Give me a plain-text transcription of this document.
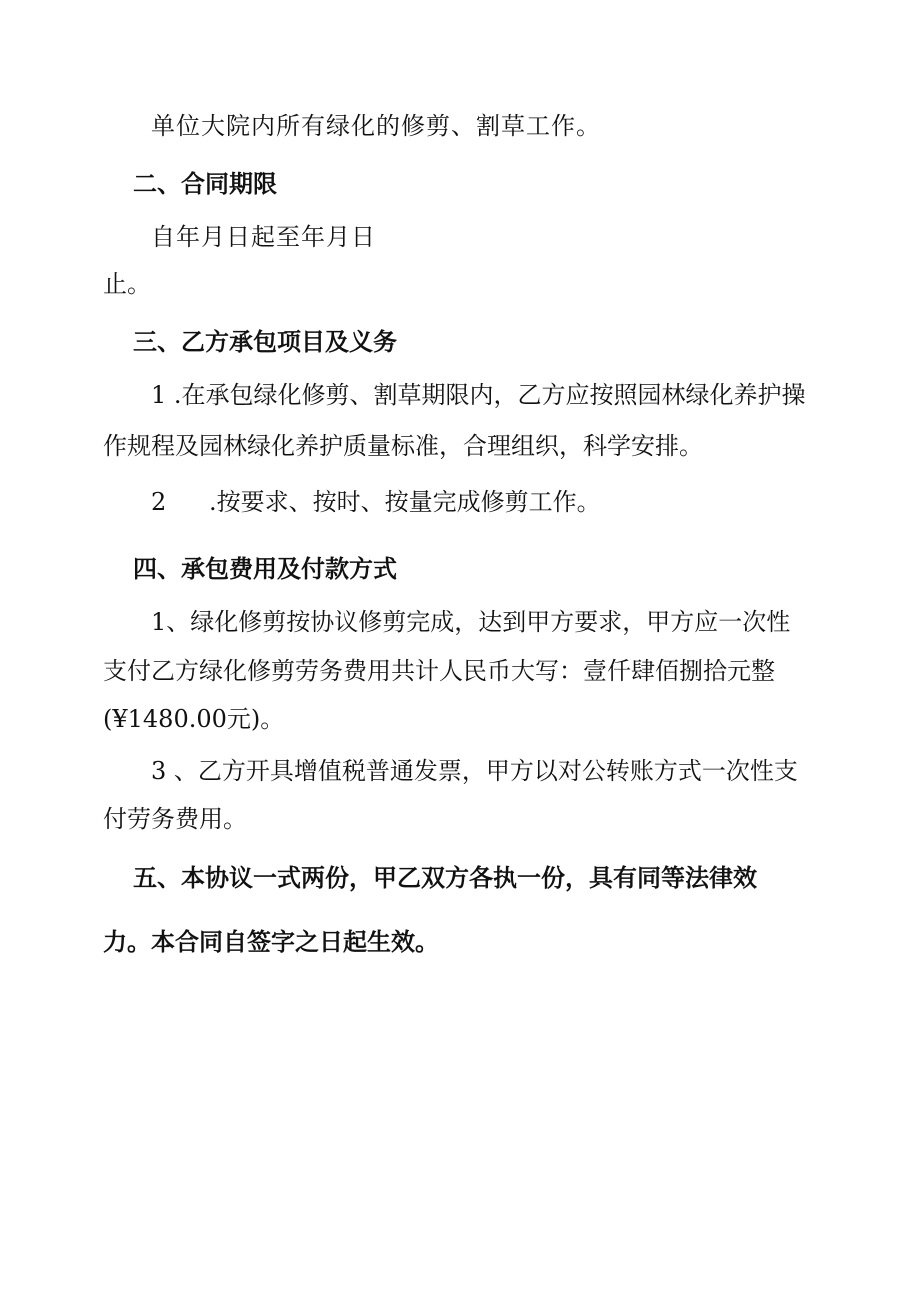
单位大院内所有绿化的修剪、割草工作。

二、合同期限

自年月日起至年月日

止。

三、乙方承包项目及义务

1 .在承包绿化修剪、割草期限内，乙方应按照园林绿化养护操

作规程及园林绿化养护质量标准，合理组织，科学安排。

2 .按要求、按时、按量完成修剪工作。

四、承包费用及付款方式

1、绿化修剪按协议修剪完成，达到甲方要求，甲方应一次性

支付乙方绿化修剪劳务费用共计人民币大写：壹仟肆佰捌拾元整

(¥1480.00元)。

3 、乙方开具增值税普通发票，甲方以对公转账方式一次性支

付劳务费用。

五、本协议一式两份，甲乙双方各执一份，具有同等法律效

力。本合同自签字之日起生效。
